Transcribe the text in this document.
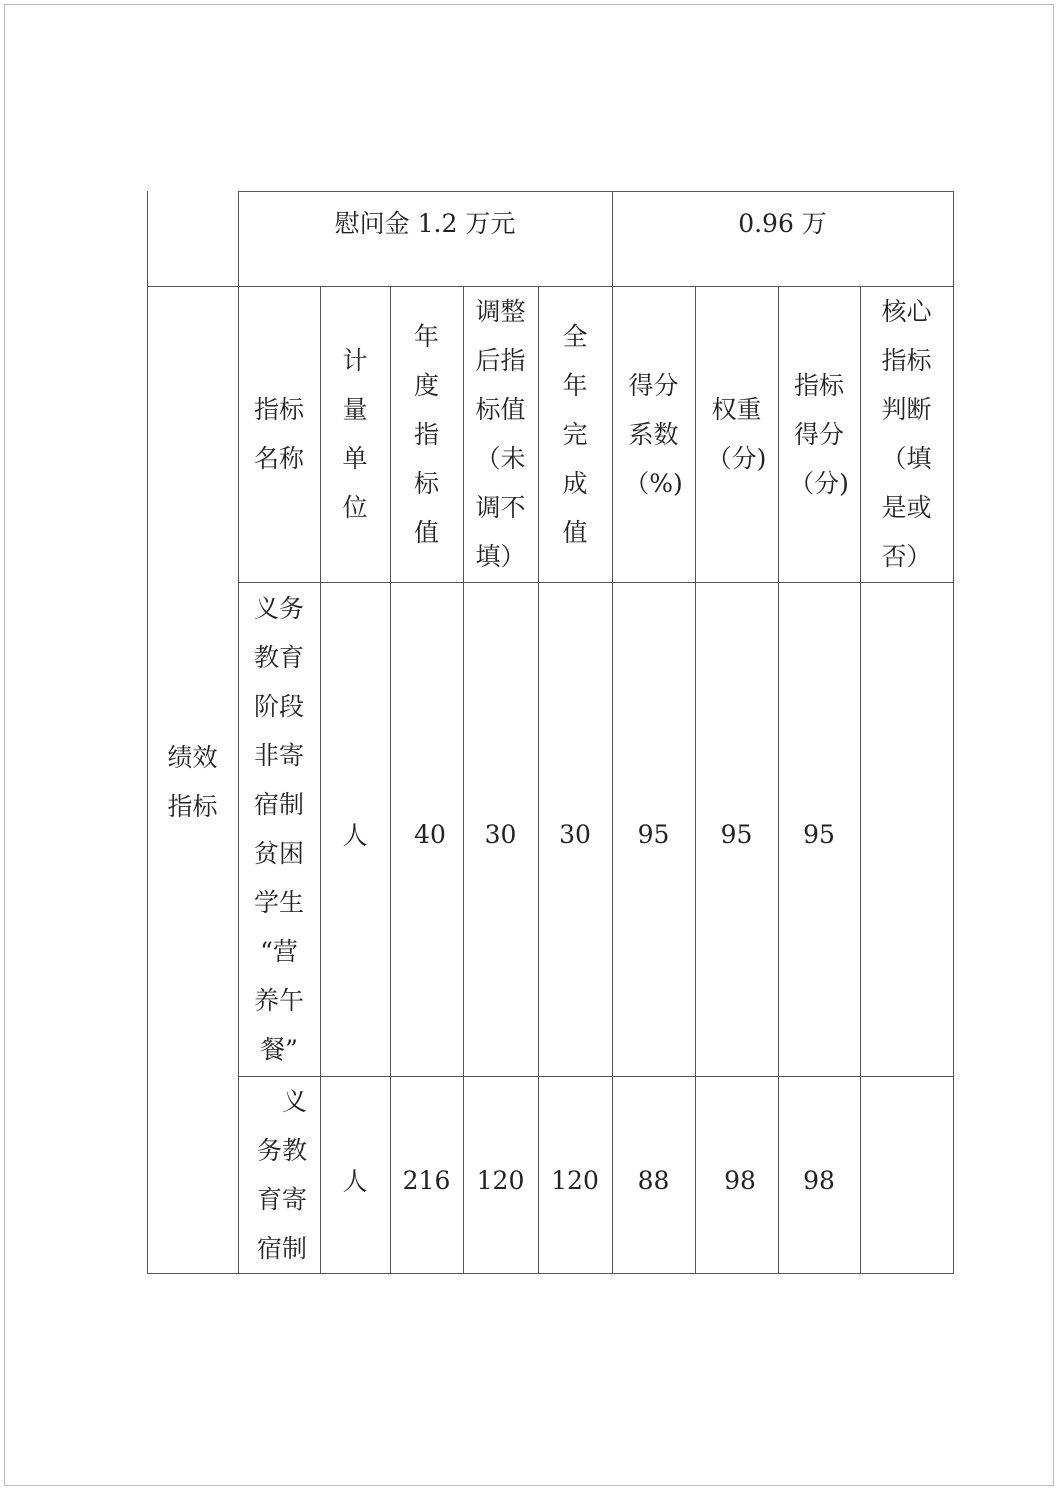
慰问金 1.2 万元	0.96 万
绩效
指标
指标
名称
计
量
单
位
年
度
指
标
值
调整
后指
标值
（未
调不
填）
全
年
完
成
值
得分
系数
（%)
权重
（分)
指标
得分
（分)
核心
指标
判断
（填
是或
否）
义务
教育
阶段
非寄
宿制
贫困
学生
“营
养午
餐”
人 40 30 30 95 95 95
义
务教
育寄
宿制
人 216 120 120 88 98 98
